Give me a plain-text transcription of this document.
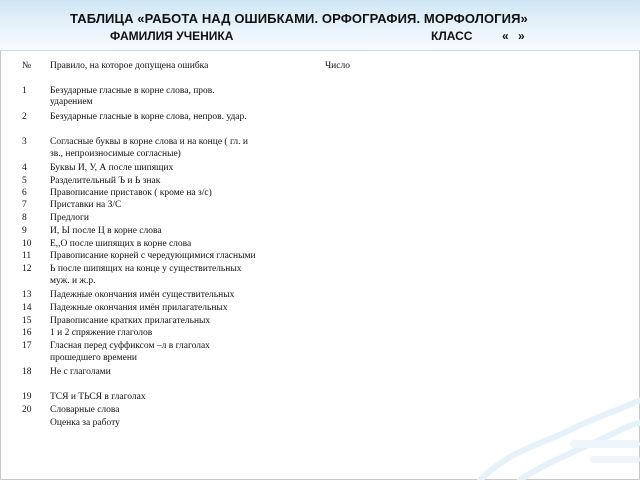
ТАБЛИЦА «РАБОТА НАД ОШИБКАМИ. ОРФОГРАФИЯ. МОРФОЛОГИЯ»
ФАМИЛИЯ УЧЕНИКА	КЛАСС « »
№ Правило, на которое допущена ошибка	Число
1 Безударные гласные в корне слова, пров.
ударением
2 Безударные гласные в корне слова, непров. удар.
3 Согласные буквы в корне слова и на конце ( гл. и
зв., непроизносимые согласные)
4 Буквы И, У, А после шипящих
5 Разделительный Ъ и Ь знак
6 Правописание приставок ( кроме на з/с)
7 Приставки на З/С
8 Предлоги
9 И, Ы после Ц в корне слова
10 Е,,О после шипящих в корне слова
11 Правописание корней с чередующимися гласными
12 Ь после шипящих на конце у существительных
муж. и ж.р.
13 Падежные окончания имён существительных
14 Падежные окончания имён прилагательных
15 Правописание кратких прилагательных
16 1 и 2 спряжение глаголов
17 Гласная перед суффиксом –л в глаголах
прошедшего времени
18 Не с глаголами
19 ТСЯ и ТЬСЯ в глаголах
20 Словарные слова
Оценка за работу
